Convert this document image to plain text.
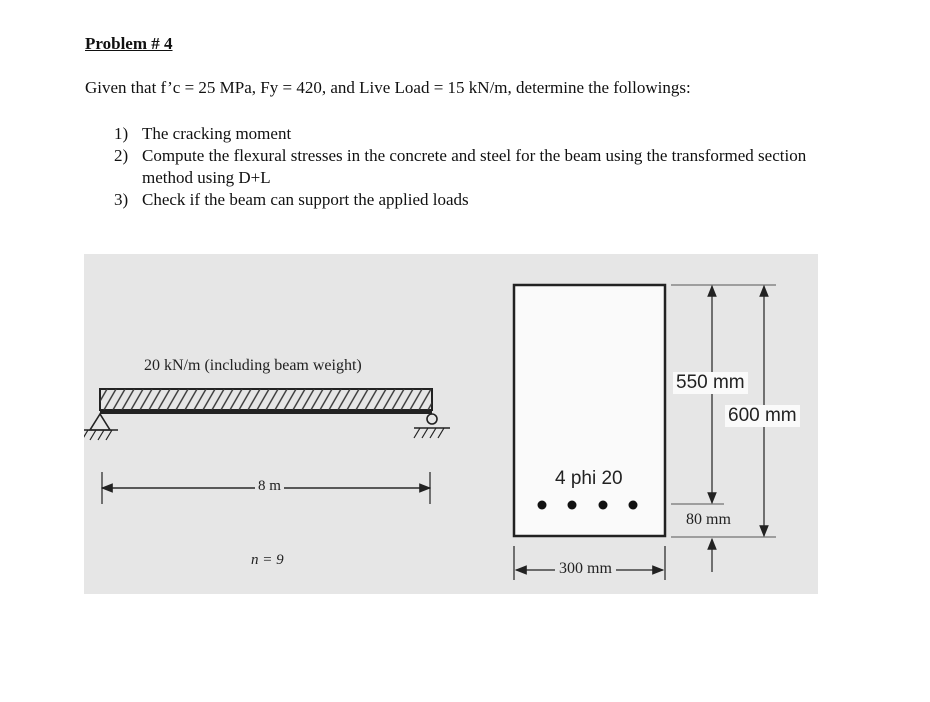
Problem # 4
Given that f’c = 25 MPa, Fy = 420, and Live Load = 15 kN/m, determine the followings:
1) The cracking moment
2) Compute the flexural stresses in the concrete and steel for the beam using the transformed section method using D+L
3) Check if the beam can support the applied loads
20 kN/m (including beam weight)
8 m
n = 9
4 phi 20
550 mm
600 mm
80 mm
300 mm
